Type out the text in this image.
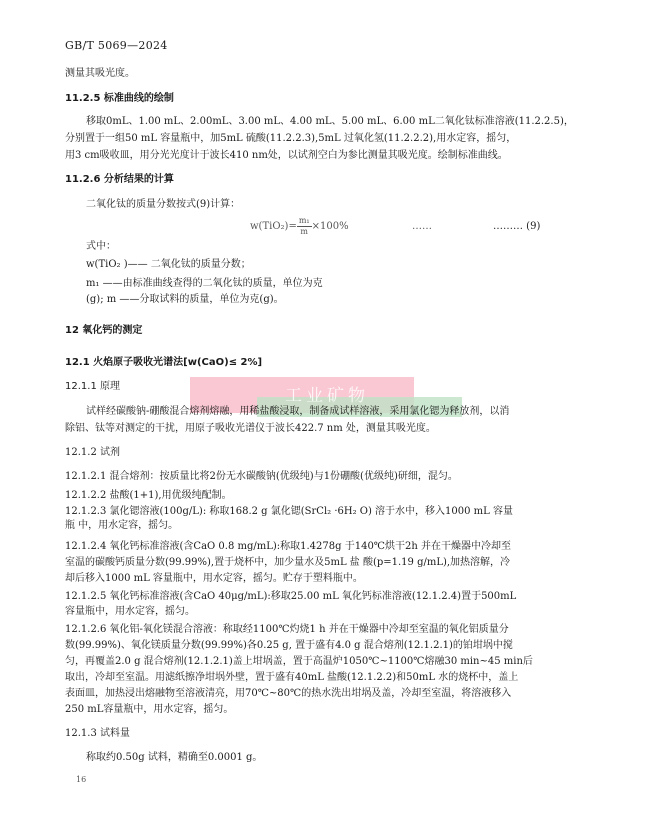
GB/T 5069—2024
测量其吸光度。
11.2.5 标准曲线的绘制
移取0mL、1.00 mL、2.00mL、3.00 mL、4.00 mL、5.00 mL、6.00 mL二氧化钛标准溶液(11.2.2.5)，
分别置于一组50 mL 容量瓶中，加5mL 硫酸(11.2.2.3),5mL 过氧化氢(11.2.2.2),用水定容，摇匀，
用3 cm吸收皿，用分光光度计于波长410 nm处，以试剂空白为参比测量其吸光度。绘制标准曲线。
11.2.6 分析结果的计算
二氧化钛的质量分数按式(9)计算：
$w(TiO_2)= \frac{\text{m₁}}{m} \times 100\%$	……	……… (9)
式中：
w(TiO₂ )—— 二氧化钛的质量分数；
m₁ ——由标准曲线查得的二氧化钛的质量，单位为克
(g); m ——分取试料的质量，单位为克(g)。
12 氧化钙的测定
12.1 火焰原子吸收光谱法[w(CaO)≤ 2%]
12.1.1 原理
试样经碳酸钠-硼酸混合熔剂熔融，用稀盐酸浸取，制备成试样溶液，采用氯化锶为释放剂，以消
除铝、钛等对测定的干扰，用原子吸收光谱仪于波长422.7 nm 处，测量其吸光度。
工业矿物
12.1.2 试剂
12.1.2.1 混合熔剂：按质量比将2份无水碳酸钠(优级纯)与1份硼酸(优级纯)研细，混匀。
12.1.2.2 盐酸(1+1),用优级纯配制。
12.1.2.3 氯化锶溶液(100g/L): 称取168.2 g 氯化锶(SrCl₂ ·6H₂ O) 溶于水中，移入1000 mL 容量
瓶 中，用水定容，摇匀。
12.1.2.4 氧化钙标准溶液(含CaO 0.8 mg/mL):称取1.4278g 于140℃烘干2h 并在干燥器中冷却至
室温的碳酸钙质量分数(99.99%),置于烧杯中，加少量水及5mL 盐 酸(p=1.19 g/mL),加热溶解，冷
却后移入1000 mL 容量瓶中，用水定容，摇匀。贮存于塑料瓶中。
12.1.2.5 氧化钙标准溶液(含CaO 40μg/mL):移取25.00 mL 氧化钙标准溶液(12.1.2.4)置于500mL
容量瓶中，用水定容，摇匀。
12.1.2.6 氧化铝-氧化镁混合溶液：称取经1100℃灼烧1 h 并在干燥器中冷却至室温的氧化铝质量分
数(99.99%)、氧化镁质量分数(99.99%)各0.25 g, 置于盛有4.0 g 混合熔剂(12.1.2.1)的铂坩埚中搅
匀，再覆盖2.0 g 混合熔剂(12.1.2.1)盖上坩埚盖，置于高温炉1050℃~1100℃熔融30 min~45 min后
取出，冷却至室温。用滤纸擦净坩埚外壁，置于盛有40mL 盐酸(12.1.2.2)和50mL 水的烧杯中，盖上
表面皿，加热浸出熔融物至溶液清亮，用70℃~80℃的热水洗出坩埚及盖，冷却至室温，将溶液移入
250 mL容量瓶中，用水定容，摇匀。
12.1.3 试料量
称取约0.50g 试料，精确至0.0001 g。
16
